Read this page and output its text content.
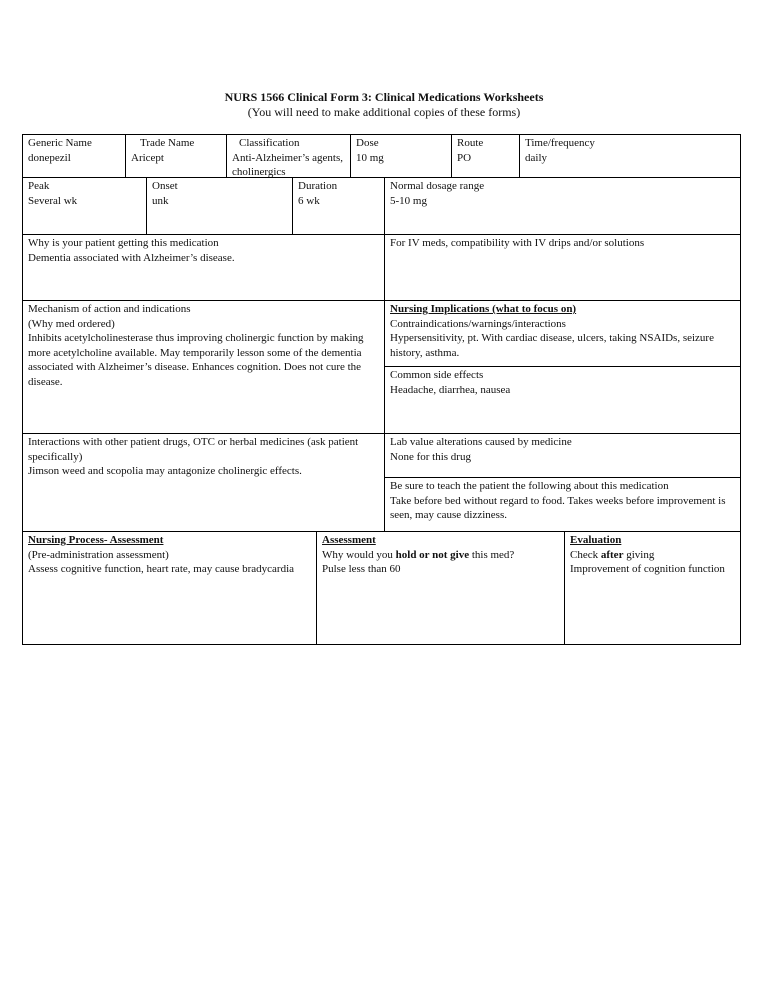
NURS 1566 Clinical Form 3: Clinical Medications Worksheets
(You will need to make additional copies of these forms)
Generic Name
donepezil
Trade Name
Aricept
Classification
Anti-Alzheimer’s agents, cholinergics
Dose
10 mg
Route
PO
Time/frequency
daily
Peak
Several wk
Onset
unk
Duration
6 wk
Normal dosage range
5-10 mg
Why is your patient getting this medication
Dementia associated with Alzheimer’s disease.
For IV meds, compatibility with IV drips and/or solutions
Mechanism of action and indications
(Why med ordered)
Inhibits acetylcholinesterase thus improving cholinergic function by making more acetylcholine available. May temporarily lesson some of the dementia associated with Alzheimer’s disease. Enhances cognition. Does not cure the disease.
Nursing Implications (what to focus on)
Contraindications/warnings/interactions
Hypersensitivity, pt. With cardiac disease, ulcers, taking NSAIDs, seizure history, asthma.
Common side effects
Headache, diarrhea, nausea
Interactions with other patient drugs, OTC or herbal medicines (ask patient specifically)
Jimson weed and scopolia may antagonize cholinergic effects.
Lab value alterations caused by medicine
None for this drug
Be sure to teach the patient the following about this medication
Take before bed without regard to food. Takes weeks before improvement is seen, may cause dizziness.
Nursing Process- Assessment
(Pre-administration assessment)
Assess cognitive function, heart rate, may cause bradycardia
Assessment
Why would you hold or not give this med?
Pulse less than 60
Evaluation
Check after giving
Improvement of cognition function
